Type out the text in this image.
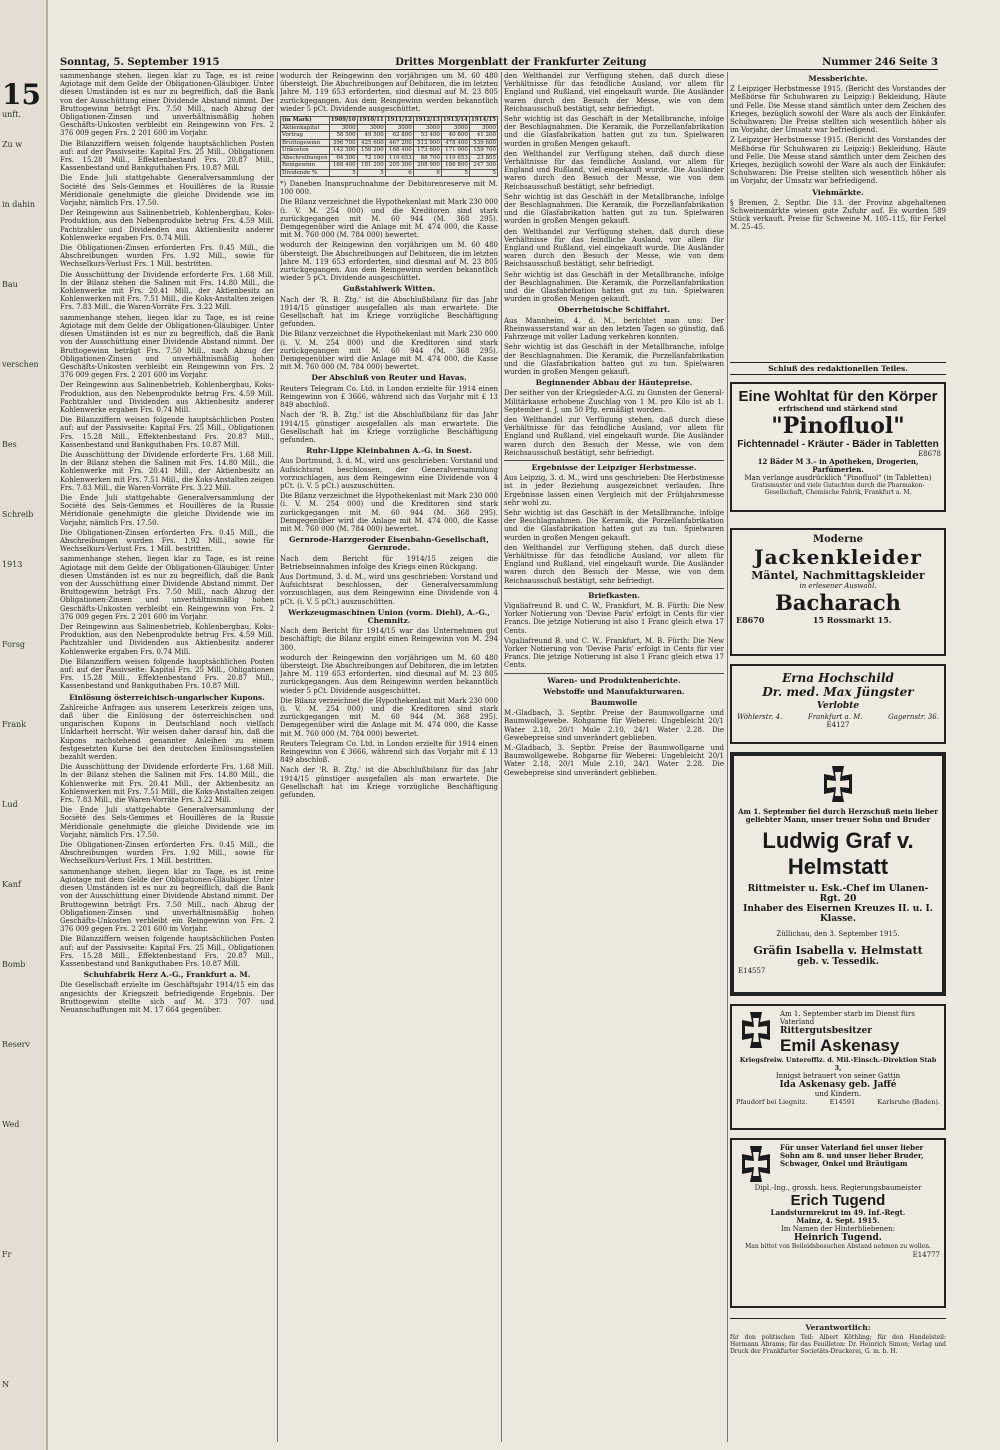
15
unft.
Zu w
in dahin
Bau
verschen
Bes
Schreib
1913
Forsg
Frank
Lud
Kanf
Bomb
Reserv
Wed
Fr
N
Sonntag, 5. September 1915	Drittes Morgenblatt der Frankfurter Zeitung	Nummer 246 Seite 3

sammenhange stehen, liegen klar zu Tage, es ist reine Agiotage mit dem Gelde der Obligationen-Gläubiger. Unter diesen Umständen ist es nur zu begreiflich, daß die Bank von der Ausschüttung einer Dividende Abstand nimmt. Der Bruttogewinn beträgt Frs. 7.50 Mill., nach Abzug der Obligationen-Zinsen und unverhältnismäßig hohen Geschäfts-Unkosten verbleibt ein Reingewinn von Frs. 2 376 009 gegen Frs. 2 201 600 im Vorjahr.

Die Bilanzziffern weisen folgende hauptsächlichen Posten auf: auf der Passivseite: Kapital Frs. 25 Mill., Obligationen Frs. 15.28 Mill., Effektenbestand Frs. 20.87 Mill., Kassenbestand und Bankguthaben Frs. 10.87 Mill.

Die Ende Juli stattgehabte Generalversammlung der Société des Sels-Gemmes et Houillères de la Russie Méridionale genehmigte die gleiche Dividende wie im Vorjahr, nämlich Frs. 17.50.

Der Reingewinn aus Salinenbetrieb, Kohlenbergbau, Koks-Produktion, aus den Nebenprodukte betrug Frs. 4.59 Mill. Pachtzahler und Dividenden aus Aktienbesitz anderer Kohlenwerke ergaben Frs. 0.74 Mill.

Die Obligationen-Zinsen erforderten Frs. 0.45 Mill., die Abschreibungen wurden Frs. 1.92 Mill., sowie für Wechselkurs-Verlust Frs. 1 Mill. bestritten.

Die Ausschüttung der Dividende erforderte Frs. 1.68 Mill. In der Bilanz stehen die Salinen mit Frs. 14.80 Mill., die Kohlenwerke mit Frs. 20.41 Mill., der Aktienbesitz an Kohlenwerken mit Frs. 7.51 Mill., die Koks-Anstalten zeigen Frs. 7.83 Mill., die Waren-Vorräte Frs. 3.22 Mill.

sammenhange stehen, liegen klar zu Tage, es ist reine Agiotage mit dem Gelde der Obligationen-Gläubiger. Unter diesen Umständen ist es nur zu begreiflich, daß die Bank von der Ausschüttung einer Dividende Abstand nimmt. Der Bruttogewinn beträgt Frs. 7.50 Mill., nach Abzug der Obligationen-Zinsen und unverhältnismäßig hohen Geschäfts-Unkosten verbleibt ein Reingewinn von Frs. 2 376 009 gegen Frs. 2 201 600 im Vorjahr.

Der Reingewinn aus Salinenbetrieb, Kohlenbergbau, Koks-Produktion, aus den Nebenprodukte betrug Frs. 4.59 Mill. Pachtzahler und Dividenden aus Aktienbesitz anderer Kohlenwerke ergaben Frs. 0.74 Mill.

Die Bilanzziffern weisen folgende hauptsächlichen Posten auf: auf der Passivseite: Kapital Frs. 25 Mill., Obligationen Frs. 15.28 Mill., Effektenbestand Frs. 20.87 Mill., Kassenbestand und Bankguthaben Frs. 10.87 Mill.

Die Ausschüttung der Dividende erforderte Frs. 1.68 Mill. In der Bilanz stehen die Salinen mit Frs. 14.80 Mill., die Kohlenwerke mit Frs. 20.41 Mill., der Aktienbesitz an Kohlenwerken mit Frs. 7.51 Mill., die Koks-Anstalten zeigen Frs. 7.83 Mill., die Waren-Vorräte Frs. 3.22 Mill.

Die Ende Juli stattgehabte Generalversammlung der Société des Sels-Gemmes et Houillères de la Russie Méridionale genehmigte die gleiche Dividende wie im Vorjahr, nämlich Frs. 17.50.

Die Obligationen-Zinsen erforderten Frs. 0.45 Mill., die Abschreibungen wurden Frs. 1.92 Mill., sowie für Wechselkurs-Verlust Frs. 1 Mill. bestritten.

sammenhange stehen, liegen klar zu Tage, es ist reine Agiotage mit dem Gelde der Obligationen-Gläubiger. Unter diesen Umständen ist es nur zu begreiflich, daß die Bank von der Ausschüttung einer Dividende Abstand nimmt. Der Bruttogewinn beträgt Frs. 7.50 Mill., nach Abzug der Obligationen-Zinsen und unverhältnismäßig hohen Geschäfts-Unkosten verbleibt ein Reingewinn von Frs. 2 376 009 gegen Frs. 2 201 600 im Vorjahr.

Der Reingewinn aus Salinenbetrieb, Kohlenbergbau, Koks-Produktion, aus den Nebenprodukte betrug Frs. 4.59 Mill. Pachtzahler und Dividenden aus Aktienbesitz anderer Kohlenwerke ergaben Frs. 0.74 Mill.

Die Bilanzziffern weisen folgende hauptsächlichen Posten auf: auf der Passivseite: Kapital Frs. 25 Mill., Obligationen Frs. 15.28 Mill., Effektenbestand Frs. 20.87 Mill., Kassenbestand und Bankguthaben Frs. 10.87 Mill.

Einlösung österreichisch-ungarischer Kupons.

Zahlreiche Anfragen aus unserem Leserkreis zeigen uns, daß über die Einlösung der österreichischen und ungarischen Kupons in Deutschland noch vielfach Unklarheit herrscht. Wir weisen daher darauf hin, daß die Kupons nachstehend genannter Anleihen zu einem festgesetzten Kurse bei den deutschen Einlösungsstellen bezahlt werden.

Die Ausschüttung der Dividende erforderte Frs. 1.68 Mill. In der Bilanz stehen die Salinen mit Frs. 14.80 Mill., die Kohlenwerke mit Frs. 20.41 Mill., der Aktienbesitz an Kohlenwerken mit Frs. 7.51 Mill., die Koks-Anstalten zeigen Frs. 7.83 Mill., die Waren-Vorräte Frs. 3.22 Mill.

Die Ende Juli stattgehabte Generalversammlung der Société des Sels-Gemmes et Houillères de la Russie Méridionale genehmigte die gleiche Dividende wie im Vorjahr, nämlich Frs. 17.50.

Die Obligationen-Zinsen erforderten Frs. 0.45 Mill., die Abschreibungen wurden Frs. 1.92 Mill., sowie für Wechselkurs-Verlust Frs. 1 Mill. bestritten.

sammenhange stehen, liegen klar zu Tage, es ist reine Agiotage mit dem Gelde der Obligationen-Gläubiger. Unter diesen Umständen ist es nur zu begreiflich, daß die Bank von der Ausschüttung einer Dividende Abstand nimmt. Der Bruttogewinn beträgt Frs. 7.50 Mill., nach Abzug der Obligationen-Zinsen und unverhältnismäßig hohen Geschäfts-Unkosten verbleibt ein Reingewinn von Frs. 2 376 009 gegen Frs. 2 201 600 im Vorjahr.

Die Bilanzziffern weisen folgende hauptsächlichen Posten auf: auf der Passivseite: Kapital Frs. 25 Mill., Obligationen Frs. 15.28 Mill., Effektenbestand Frs. 20.87 Mill., Kassenbestand und Bankguthaben Frs. 10.87 Mill.

Schuhfabrik Herz A.-G., Frankfurt a. M.

Die Gesellschaft erzielte im Geschäftsjahr 1914/15 ein das angesichts der Kriegszeit befriedigende Ergebnis. Der Bruttogewinn stellte sich auf M. 373 707 und Neuanschaffungen mit M. 17 664 gegenüber.

wodurch der Reingewinn den vorjährigen um M. 60 480 übersteigt. Die Abschreibungen auf Debitoren, die im letzten Jahre M. 119 653 erforderten, sind diesmal auf M. 23 805 zurückgegangen. Aus dem Reingewinn werden bekanntlich wieder 5 pCt. Dividende ausgeschüttet.

(in Mark)	1909/10	1910/11	1911/12	1912/13	1913/14	1914/15
Aktienkapital	3000	3000	3000	3000	3000	3000
Vortrag	58 500	49 500	62 800	53 400	40 800	41 200
Bruttogewinn	396 700	425 600	467 200	512 900	478 400	539 600
Unkosten	142 300	156 200	168 400	173 600	171 900	159 700
Abschreibungen	64 300	72 100	119 653	88 700	119 653	23 805
Reingewinn	168 400	181 200	205 300	208 900	186 800	247 300
Dividende %	5	5	6	6	5	5

*) Daneben Inanspruchnahme der Debitorenreserve mit M. 100 000.

Die Bilanz verzeichnet die Hypothekenlast mit Mark 230 000 (i. V. M. 254 000) und die Kreditoren sind stark zurückgegangen mit M. 60 944 (M. 368 295). Demgegenüber wird die Anlage mit M. 474 000, die Kasse mit M. 760 000 (M. 784 000) bewertet.

wodurch der Reingewinn den vorjährigen um M. 60 480 übersteigt. Die Abschreibungen auf Debitoren, die im letzten Jahre M. 119 653 erforderten, sind diesmal auf M. 23 805 zurückgegangen. Aus dem Reingewinn werden bekanntlich wieder 5 pCt. Dividende ausgeschüttet.

Gußstahlwerk Witten.

Nach der 'R. B. Ztg.' ist die Abschlußbilanz für das Jahr 1914/15 günstiger ausgefallen als man erwartete. Die Gesellschaft hat im Kriege vorzügliche Beschäftigung gefunden.

Die Bilanz verzeichnet die Hypothekenlast mit Mark 230 000 (i. V. M. 254 000) und die Kreditoren sind stark zurückgegangen mit M. 60 944 (M. 368 295). Demgegenüber wird die Anlage mit M. 474 000, die Kasse mit M. 760 000 (M. 784 000) bewertet.

Der Abschluß von Reuter und Havas.

Reuters Telegram Co. Ltd. in London erzielte für 1914 einen Reingewinn von £ 3666, während sich das Vorjahr mit £ 13 849 abschloß.

Nach der 'R. B. Ztg.' ist die Abschlußbilanz für das Jahr 1914/15 günstiger ausgefallen als man erwartete. Die Gesellschaft hat im Kriege vorzügliche Beschäftigung gefunden.

Ruhr-Lippe Kleinbahnen A.-G. in Soest.

Aus Dortmund, 3. d. M., wird uns geschrieben: Vorstand und Aufsichtsrat beschlossen, der Generalversammlung vorzuschlagen, aus dem Reingewinn eine Dividende von 4 pCt. (i. V. 5 pCt.) auszuschütten.

Die Bilanz verzeichnet die Hypothekenlast mit Mark 230 000 (i. V. M. 254 000) und die Kreditoren sind stark zurückgegangen mit M. 60 944 (M. 368 295). Demgegenüber wird die Anlage mit M. 474 000, die Kasse mit M. 760 000 (M. 784 000) bewertet.

Gernrode-Harzgeroder Eisenbahn-Gesellschaft, Gernrode.

Nach dem Bericht für 1914/15 zeigen die Betriebseinnahmen infolge des Kriegs einen Rückgang.

Aus Dortmund, 3. d. M., wird uns geschrieben: Vorstand und Aufsichtsrat beschlossen, der Generalversammlung vorzuschlagen, aus dem Reingewinn eine Dividende von 4 pCt. (i. V. 5 pCt.) auszuschütten.

Werkzeugmaschinen Union (vorm. Diehl), A.-G., Chemnitz.

Nach dem Bericht für 1914/15 war das Unternehmen gut beschäftigt; die Bilanz ergibt einen Reingewinn von M. 294 300.

wodurch der Reingewinn den vorjährigen um M. 60 480 übersteigt. Die Abschreibungen auf Debitoren, die im letzten Jahre M. 119 653 erforderten, sind diesmal auf M. 23 805 zurückgegangen. Aus dem Reingewinn werden bekanntlich wieder 5 pCt. Dividende ausgeschüttet.

Die Bilanz verzeichnet die Hypothekenlast mit Mark 230 000 (i. V. M. 254 000) und die Kreditoren sind stark zurückgegangen mit M. 60 944 (M. 368 295). Demgegenüber wird die Anlage mit M. 474 000, die Kasse mit M. 760 000 (M. 784 000) bewertet.

Reuters Telegram Co. Ltd. in London erzielte für 1914 einen Reingewinn von £ 3666, während sich das Vorjahr mit £ 13 849 abschloß.

Nach der 'R. B. Ztg.' ist die Abschlußbilanz für das Jahr 1914/15 günstiger ausgefallen als man erwartete. Die Gesellschaft hat im Kriege vorzügliche Beschäftigung gefunden.

den Welthandel zur Verfügung stehen, daß durch diese Verhältnisse für das feindliche Ausland, vor allem für England und Rußland, viel eingekauft wurde. Die Ausländer waren durch den Besuch der Messe, wie von dem Reichsausschuß bestätigt, sehr befriedigt.

Sehr wichtig ist das Geschäft in der Metallbranche, infolge der Beschlagnahmen. Die Keramik, die Porzellanfabrikation und die Glasfabrikation hatten gut zu tun. Spielwaren wurden in großen Mengen gekauft.

den Welthandel zur Verfügung stehen, daß durch diese Verhältnisse für das feindliche Ausland, vor allem für England und Rußland, viel eingekauft wurde. Die Ausländer waren durch den Besuch der Messe, wie von dem Reichsausschuß bestätigt, sehr befriedigt.

Sehr wichtig ist das Geschäft in der Metallbranche, infolge der Beschlagnahmen. Die Keramik, die Porzellanfabrikation und die Glasfabrikation hatten gut zu tun. Spielwaren wurden in großen Mengen gekauft.

den Welthandel zur Verfügung stehen, daß durch diese Verhältnisse für das feindliche Ausland, vor allem für England und Rußland, viel eingekauft wurde. Die Ausländer waren durch den Besuch der Messe, wie von dem Reichsausschuß bestätigt, sehr befriedigt.

Sehr wichtig ist das Geschäft in der Metallbranche, infolge der Beschlagnahmen. Die Keramik, die Porzellanfabrikation und die Glasfabrikation hatten gut zu tun. Spielwaren wurden in großen Mengen gekauft.

Oberrheinische Schiffahrt.

Aus Mannheim, 4. d. M., berichtet man uns: Der Rheinwasserstand war an den letzten Tagen so günstig, daß Fahrzeuge mit voller Ladung verkehren konnten.

Sehr wichtig ist das Geschäft in der Metallbranche, infolge der Beschlagnahmen. Die Keramik, die Porzellanfabrikation und die Glasfabrikation hatten gut zu tun. Spielwaren wurden in großen Mengen gekauft.

Beginnender Abbau der Häutepreise.

Der seither von der Kriegsleder-A.G. zu Gunsten der General-Militärkasse erhobene Zuschlag von 1 M. pro Kilo ist ab 1. September d. J. um 50 Pfg. ermäßigt worden.

den Welthandel zur Verfügung stehen, daß durch diese Verhältnisse für das feindliche Ausland, vor allem für England und Rußland, viel eingekauft wurde. Die Ausländer waren durch den Besuch der Messe, wie von dem Reichsausschuß bestätigt, sehr befriedigt.

Ergebnisse der Leipziger Herbstmesse.

Aus Leipzig, 3. d. M., wird uns geschrieben: Die Herbstmesse ist in jeder Beziehung ausgezeichnet verlaufen. Ihre Ergebnisse lassen einen Vergleich mit der Frühjahrsmesse sehr wohl zu.

Sehr wichtig ist das Geschäft in der Metallbranche, infolge der Beschlagnahmen. Die Keramik, die Porzellanfabrikation und die Glasfabrikation hatten gut zu tun. Spielwaren wurden in großen Mengen gekauft.

den Welthandel zur Verfügung stehen, daß durch diese Verhältnisse für das feindliche Ausland, vor allem für England und Rußland, viel eingekauft wurde. Die Ausländer waren durch den Besuch der Messe, wie von dem Reichsausschuß bestätigt, sehr befriedigt.

Briefkasten.

Vigaliafreund B. und C. W., Frankfurt, M. B. Fürth: Die New Yorker Notierung von 'Devise Paris' erfolgt in Cents für vier Francs. Die jetzige Notierung ist also 1 Franc gleich etwa 17 Cents.

Vigaliafreund B. und C. W., Frankfurt, M. B. Fürth: Die New Yorker Notierung von 'Devise Paris' erfolgt in Cents für vier Francs. Die jetzige Notierung ist also 1 Franc gleich etwa 17 Cents.

Waren- und Produktenberichte.
Webstoffe und Manufakturwaren.
Baumwolle

M.-Gladbach, 3. Septbr. Preise der Baumwollgarne und Baumwollgewebe. Rohgarne für Weberei: Ungebleicht 20/1 Water 2.18, 20/1 Mule 2.10, 24/1 Water 2.28. Die Gewebepreise sind unverändert geblieben.

M.-Gladbach, 3. Septbr. Preise der Baumwollgarne und Baumwollgewebe. Rohgarne für Weberei: Ungebleicht 20/1 Water 2.18, 20/1 Mule 2.10, 24/1 Water 2.28. Die Gewebepreise sind unverändert geblieben.

Messberichte.

Z Leipziger Herbstmesse 1915. (Bericht des Vorstandes der Meßbörse für Schuhwaren zu Leipzig:) Bekleidung, Häute und Felle. Die Messe stand sämtlich unter dem Zeichen des Krieges, bezüglich sowohl der Ware als auch der Einkäufer. Schuhwaren: Die Preise stellten sich wesentlich höher als im Vorjahr, der Umsatz war befriedigend.

Z Leipziger Herbstmesse 1915. (Bericht des Vorstandes der Meßbörse für Schuhwaren zu Leipzig:) Bekleidung, Häute und Felle. Die Messe stand sämtlich unter dem Zeichen des Krieges, bezüglich sowohl der Ware als auch der Einkäufer. Schuhwaren: Die Preise stellten sich wesentlich höher als im Vorjahr, der Umsatz war befriedigend.

Viehmärkte.

§ Bremen, 2. Septbr. Die 13. der Provinz abgehaltenen Schweinemärkte wiesen gute Zufuhr auf. Es wurden 589 Stück verkauft. Preise für Schweine M. 105–115, für Ferkel M. 25–45.

Schluß des redaktionellen Teiles.
Eine Wohltat für den Körper
erfrischend und stärkend sind
"Pinofluol"
Fichtennadel - Kräuter - Bäder in Tabletten
E8678
12 Bäder M 3.– in Apotheken, Drogerien, Parfümerien.
Man verlange ausdrücklich "Pinofluol" (in Tabletten)
Gratismuster und viele Gutachten durch die Pharmakon-Gesellschaft, Chemische Fabrik, Frankfurt a. M.
Moderne
Jackenkleider
Mäntel, Nachmittagskleider
in erlesener Auswahl.
Bacharach
E8670	15 Rossmarkt 15.
Erna Hochschild
Dr. med. Max Jüngster
Verlobte
Wöhlerstr. 4.	Frankfurt a. M.	Gagernstr. 36.
E4127
Am 1. September fiel durch Herzschuß mein lieber geliebter Mann, unser treuer Sohn und Bruder
Ludwig Graf v. Helmstatt
Rittmeister u. Esk.-Chef im Ulanen-Rgt. 20
Inhaber des Eisernen Kreuzes II. u. I. Klasse.
Züllichau, den 3. September 1915.
Gräfin Isabella v. Helmstatt
geb. v. Tessedik.
E14557
Am 1. September starb im Dienst fürs Vaterland
Rittergutsbesitzer
Emil Askenasy
Kriegsfreiw. Unteroffiz. d. Mil.-Einsch.-Direktion Stab 3,
Innigst betrauert von seiner Gattin
Ida Askenasy geb. Jaffé
und Kindern.
Pfaudorf bei Liegnitz.	E14591	Karlsruhe (Baden).
Für unser Vaterland fiel unser lieber Sohn am 8. und unser lieber Bruder, Schwager, Onkel und Bräutigam
Dipl.-Ing., grossh. hess. Regierungsbaumeister
Erich Tugend
Landsturmrekrut im 49. Inf.-Regt.
Mainz, 4. Sept. 1915.
Im Namen der Hinterbliebenen:
Heinrich Tugend.
Man bittet von Beileidsbesuchen Abstand nehmen zu wollen.
E14777
Verantwortlich:

für den politischen Teil: Albert Köthling; für den Handelsteil: Hermann Abrams; für das Feuilleton: Dr. Heinrich Simon; Verlag und Druck der Frankfurter Societäts-Druckerei, G. m. b. H.
